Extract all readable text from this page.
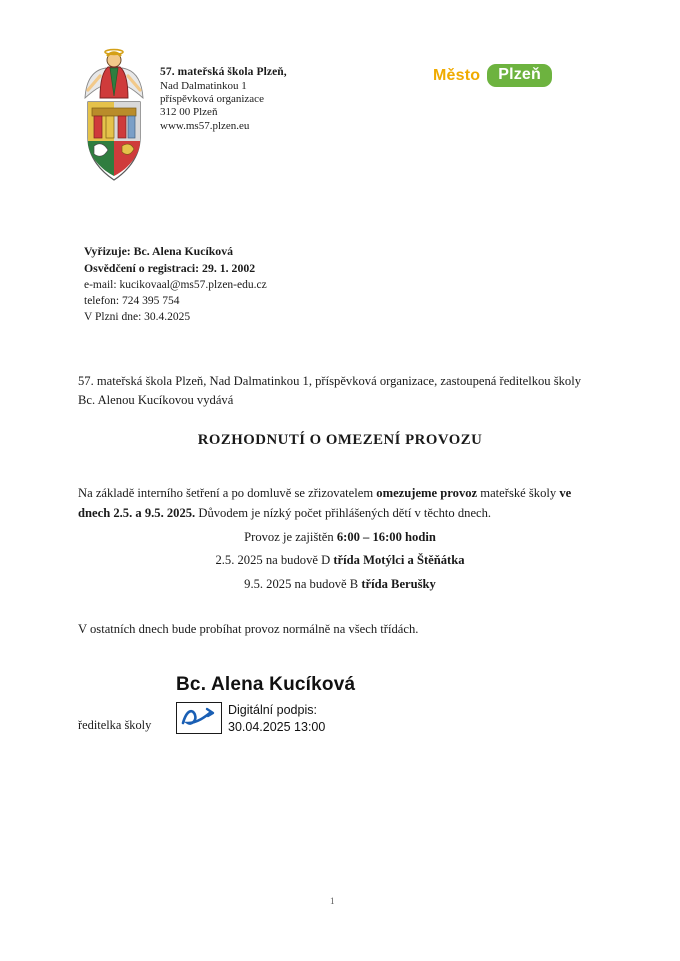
57. mateřská škola Plzeň,
Nad Dalmatinkou 1
příspěvková organizace
312 00 Plzeň
www.ms57.plzen.eu
Město	Plzeň
Vyřizuje: Bc. Alena Kucíková
Osvědčení o registraci: 29. 1. 2002
e-mail: kucikovaal@ms57.plzen-edu.cz
telefon: 724 395 754
V Plzni dne: 30.4.2025
57. mateřská škola Plzeň, Nad Dalmatinkou 1, příspěvková organizace, zastoupená ředitelkou školy Bc. Alenou Kucíkovou vydává
ROZHODNUTÍ O OMEZENÍ PROVOZU
Na základě interního šetření a po domluvě se zřizovatelem omezujeme provoz mateřské školy ve dnech 2.5. a 9.5. 2025. Důvodem je nízký počet přihlášených dětí v těchto dnech.
Provoz je zajištěn 6:00 – 16:00 hodin
2.5. 2025 na budově D třída Motýlci a Štěňátka
9.5. 2025 na budově B třída Berušky
V ostatních dnech bude probíhat provoz normálně na všech třídách.
ředitelka školy
Bc. Alena Kucíková
Digitální podpis:
30.04.2025 13:00
1
